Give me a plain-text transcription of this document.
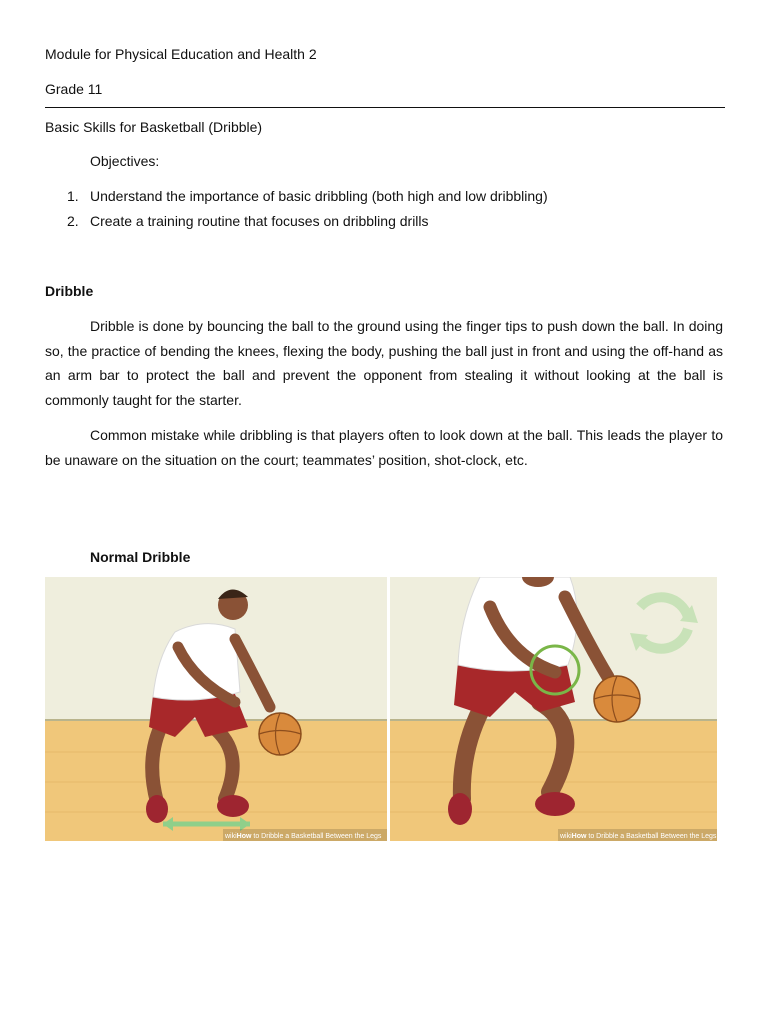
Module for Physical Education and Health 2
Grade 11
Basic Skills for Basketball (Dribble)
Objectives:
1. Understand the importance of basic dribbling (both high and low dribbling)
2. Create a training routine that focuses on dribbling drills
Dribble

Dribble is done by bouncing the ball to the ground using the finger tips to push down the ball. In doing so, the practice of bending the knees, flexing the body, pushing the ball just in front and using the off-hand as an arm bar to protect the ball and prevent the opponent from stealing it without looking at the ball is commonly taught for the starter.

Common mistake while dribbling is that players often to look down at the ball. This leads the player to be unaware on the situation on the court; teammates’ position, shot-clock, etc.

Normal Dribble
wikiHow to Dribble a Basketball Between the Legs	wikiHow to Dribble a Basketball Between the Legs
